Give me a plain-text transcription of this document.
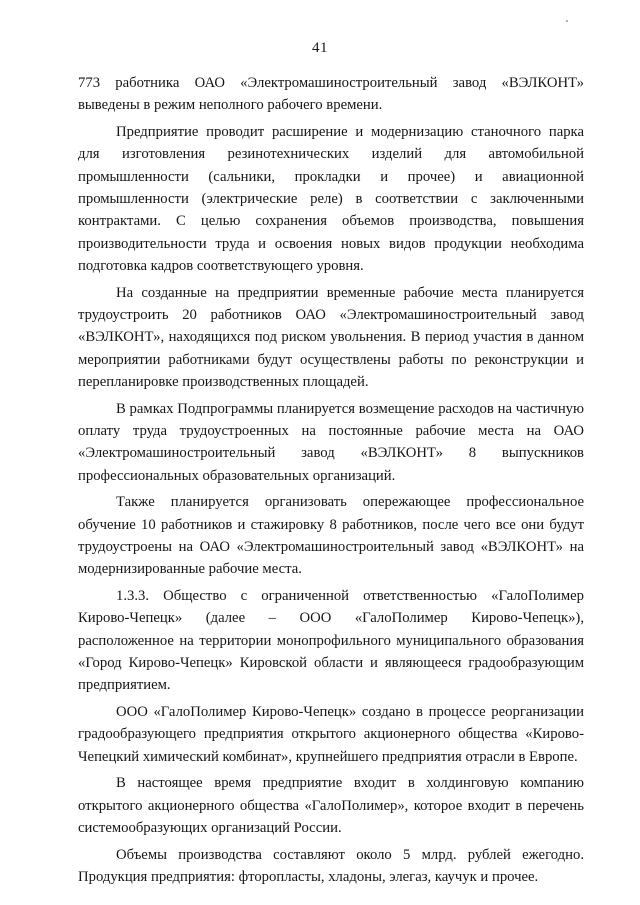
41

773 работника ОАО «Электромашиностроительный завод «ВЭЛКОНТ» выведены в режим неполного рабочего времени.

Предприятие проводит расширение и модернизацию станочного парка для изготовления резинотехнических изделий для автомобильной промышленности (сальники, прокладки и прочее) и авиационной промышленности (электрические реле) в соответствии с заключенными контрактами. С целью сохранения объемов производства, повышения производительности труда и освоения новых видов продукции необходима подготовка кадров соответствующего уровня.

На созданные на предприятии временные рабочие места планируется трудоустроить 20 работников ОАО «Электромашиностроительный завод «ВЭЛКОНТ», находящихся под риском увольнения. В период участия в данном мероприятии работниками будут осуществлены работы по реконструкции и перепланировке производственных площадей.

В рамках Подпрограммы планируется возмещение расходов на частичную оплату труда трудоустроенных на постоянные рабочие места на ОАО «Электромашиностроительный завод «ВЭЛКОНТ» 8 выпускников профессиональных образовательных организаций.

Также планируется организовать опережающее профессиональное обучение 10 работников и стажировку 8 работников, после чего все они будут трудоустроены на ОАО «Электромашиностроительный завод «ВЭЛКОНТ» на модернизированные рабочие места.

1.3.3. Общество с ограниченной ответственностью «ГалоПолимер Кирово-Чепецк» (далее – ООО «ГалоПолимер Кирово-Чепецк»), расположенное на территории монопрофильного муниципального образования «Город Кирово-Чепецк» Кировской области и являющееся градообразующим предприятием.

ООО «ГалоПолимер Кирово-Чепецк» создано в процессе реорганизации градообразующего предприятия открытого акционерного общества «Кирово-Чепецкий химический комбинат», крупнейшего предприятия отрасли в Европе.

В настоящее время предприятие входит в холдинговую компанию открытого акционерного общества «ГалоПолимер», которое входит в перечень системообразующих организаций России.

Объемы производства составляют около 5 млрд. рублей ежегодно. Продукция предприятия: фторопласты, хладоны, элегаз, каучук и прочее.
